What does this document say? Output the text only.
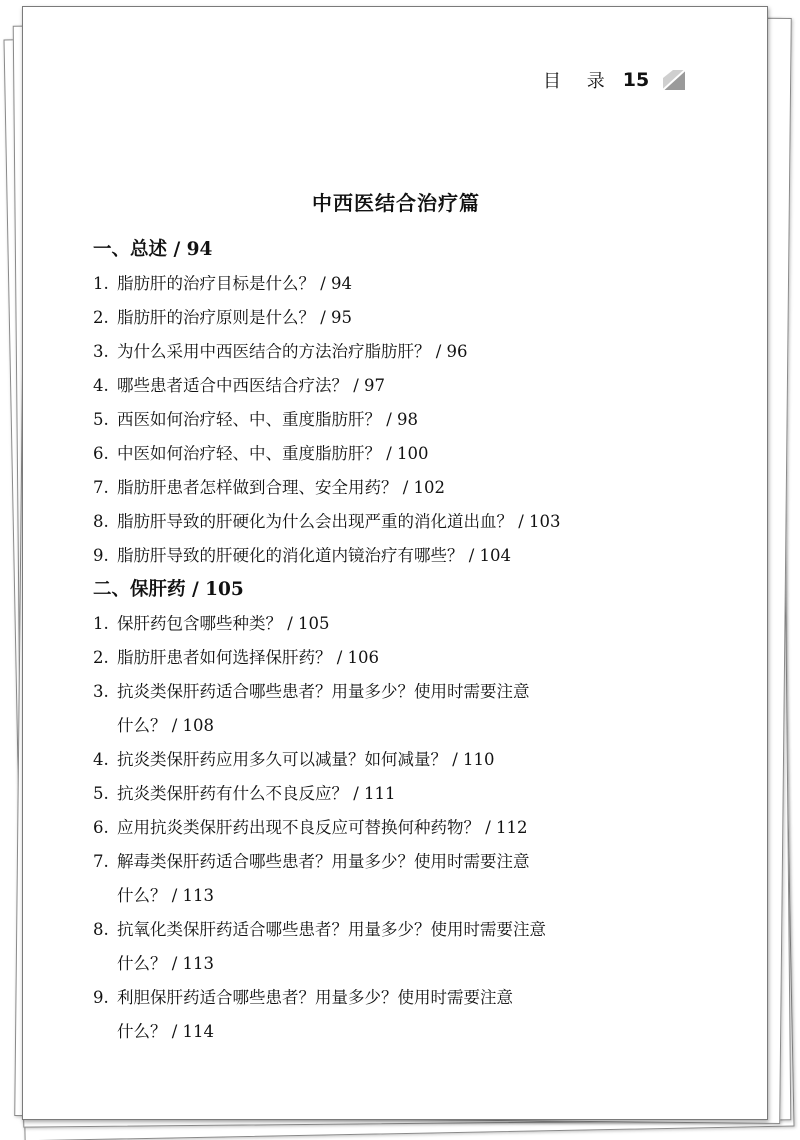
目 录 15
中西医结合治疗篇
一、总述 / 94
1. 脂肪肝的治疗目标是什么？ / 94
2. 脂肪肝的治疗原则是什么？ / 95
3. 为什么采用中西医结合的方法治疗脂肪肝？ / 96
4. 哪些患者适合中西医结合疗法？ / 97
5. 西医如何治疗轻、中、重度脂肪肝？ / 98
6. 中医如何治疗轻、中、重度脂肪肝？ / 100
7. 脂肪肝患者怎样做到合理、安全用药？ / 102
8. 脂肪肝导致的肝硬化为什么会出现严重的消化道出血？ / 103
9. 脂肪肝导致的肝硬化的消化道内镜治疗有哪些？ / 104
二、保肝药 / 105
1. 保肝药包含哪些种类？ / 105
2. 脂肪肝患者如何选择保肝药？ / 106
3. 抗炎类保肝药适合哪些患者？用量多少？使用时需要注意
什么？ / 108
4. 抗炎类保肝药应用多久可以减量？如何减量？ / 110
5. 抗炎类保肝药有什么不良反应？ / 111
6. 应用抗炎类保肝药出现不良反应可替换何种药物？ / 112
7. 解毒类保肝药适合哪些患者？用量多少？使用时需要注意
什么？ / 113
8. 抗氧化类保肝药适合哪些患者？用量多少？使用时需要注意
什么？ / 113
9. 利胆保肝药适合哪些患者？用量多少？使用时需要注意
什么？ / 114
